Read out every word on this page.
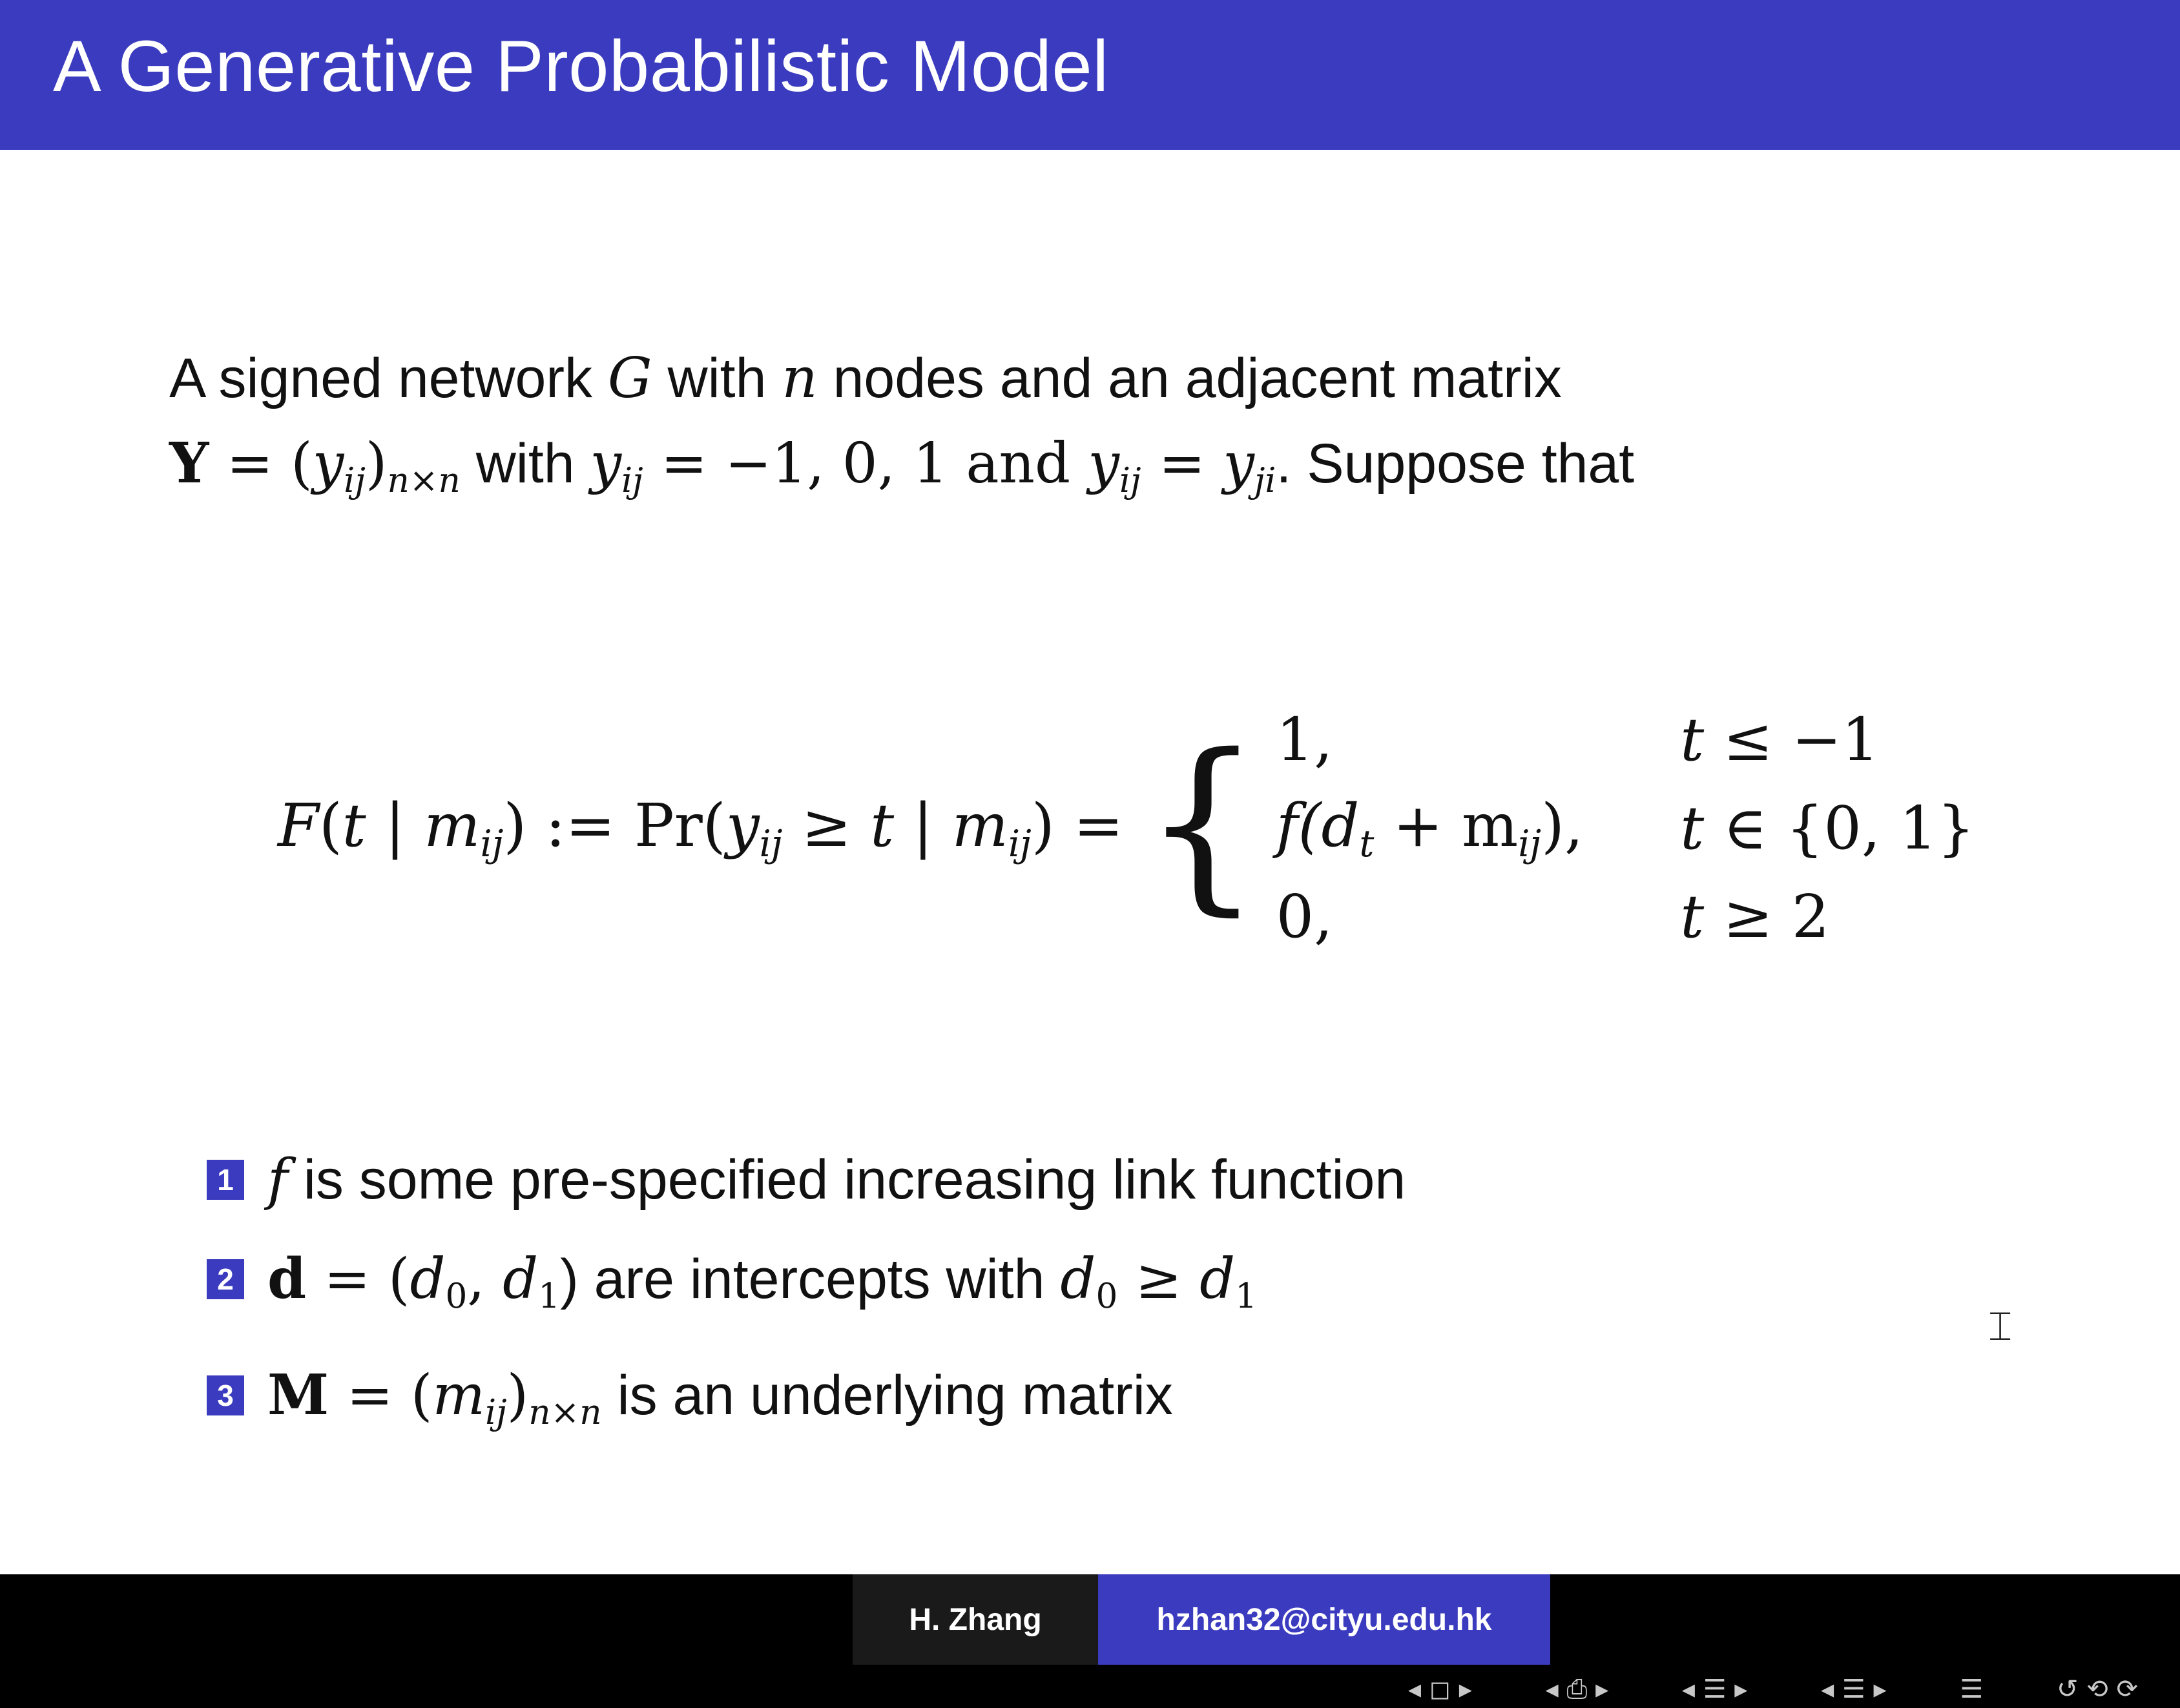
A Generative Probabilistic Model
A signed network G with n nodes and an adjacent matrix
$Y = (y_{ij})_{n\times n}$ with $y_{ij} = -1$, 0, 1 and $y_{ij} = y_{ji}$. Suppose that
F(t | $m_{ij}$) := $Pr(y_{ij} \ge t$ | $m_{ij}$) = { 1,	t ≤ −1
$f(d_t + m_{ij})$, t ∈ {0, 1}
0,	t ≥ 2
1 f is some pre-specified increasing link function
2 $d = (d_0$, $d_1$) are intercepts with $d_0 \ge d_1$
3 $M = (m_{ij})_{n\times n}$ is an underlying matrix
⌶
◂ ◻ ▸	◂ ⎙ ▸	◂ ☰ ▸	◂ ☰ ▸	☰	↺ ⟲ ⟳
H. Zhang	hzhan32@cityu.edu.hk
